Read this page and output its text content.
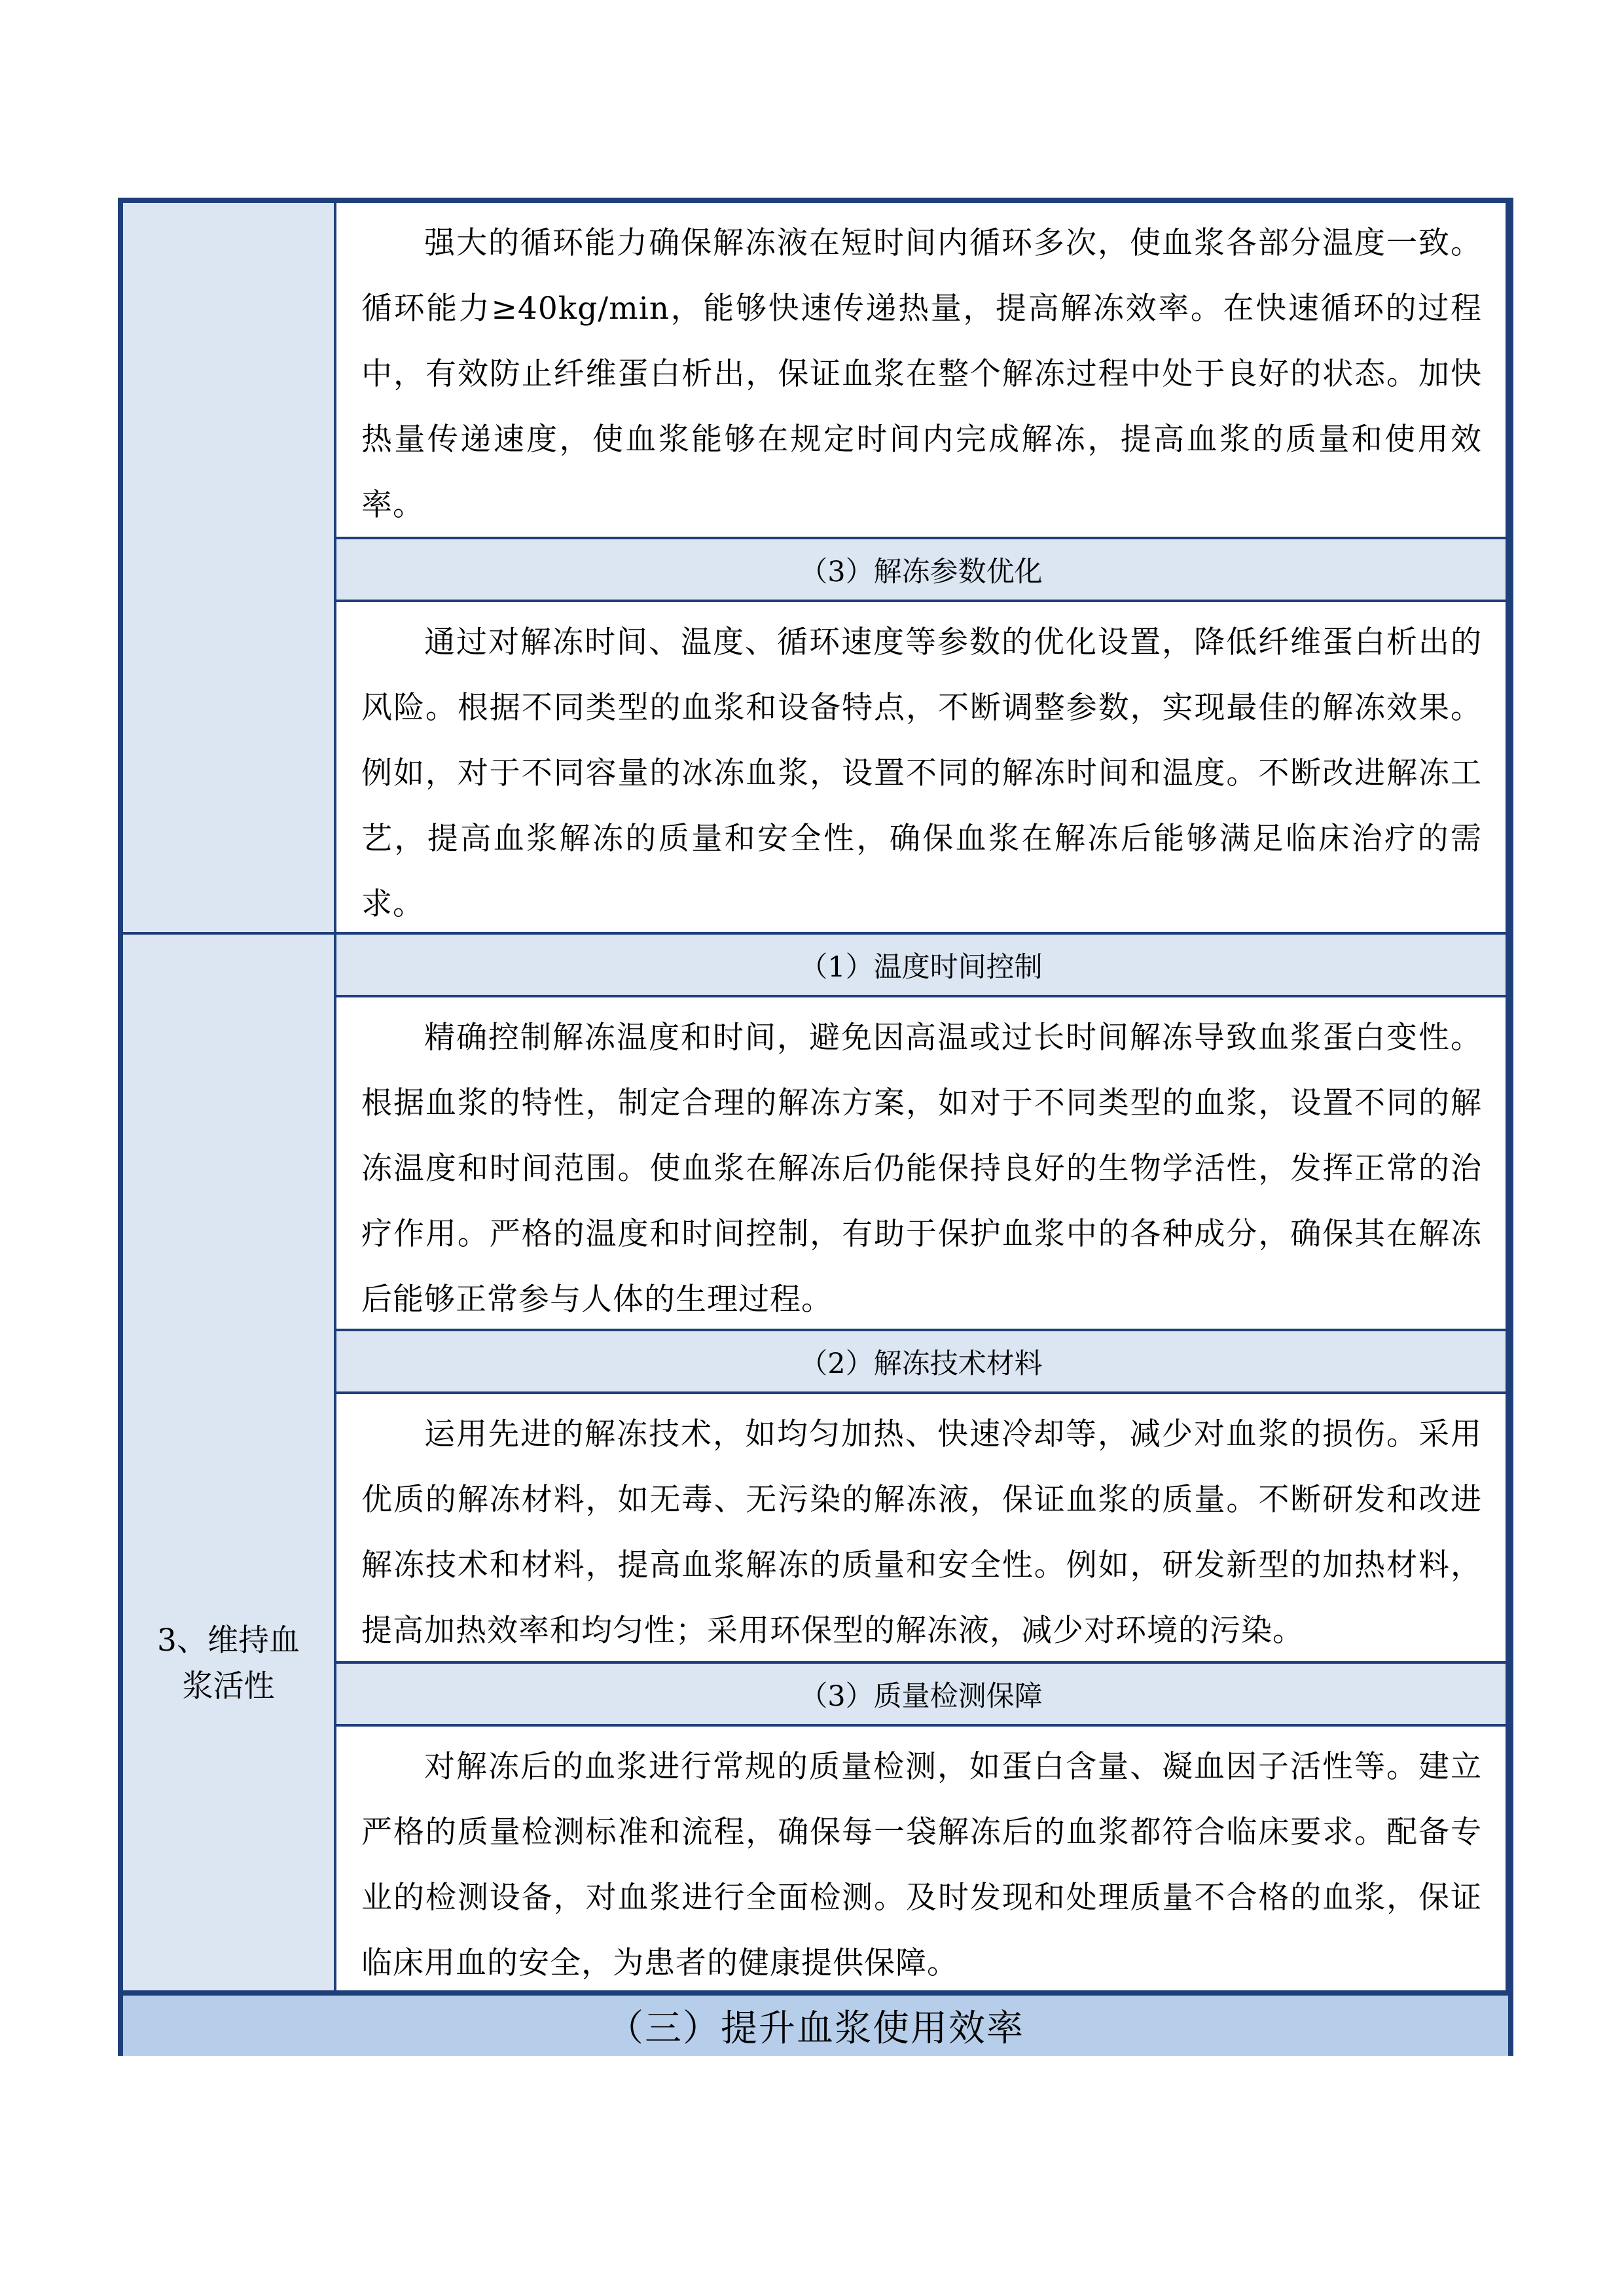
3、维持血
浆活性

强大的循环能力确保解冻液在短时间内循环多次，使血浆各部分温度一致。循环能力≥40kg/min，能够快速传递热量，提高解冻效率。在快速循环的过程中，有效防止纤维蛋白析出，保证血浆在整个解冻过程中处于良好的状态。加快热量传递速度，使血浆能够在规定时间内完成解冻，提高血浆的质量和使用效率。

（3）解冻参数优化

通过对解冻时间、温度、循环速度等参数的优化设置，降低纤维蛋白析出的风险。根据不同类型的血浆和设备特点，不断调整参数，实现最佳的解冻效果。例如，对于不同容量的冰冻血浆，设置不同的解冻时间和温度。不断改进解冻工艺，提高血浆解冻的质量和安全性，确保血浆在解冻后能够满足临床治疗的需求。

（1）温度时间控制

精确控制解冻温度和时间，避免因高温或过长时间解冻导致血浆蛋白变性。根据血浆的特性，制定合理的解冻方案，如对于不同类型的血浆，设置不同的解冻温度和时间范围。使血浆在解冻后仍能保持良好的生物学活性，发挥正常的治疗作用。严格的温度和时间控制，有助于保护血浆中的各种成分，确保其在解冻后能够正常参与人体的生理过程。

（2）解冻技术材料

运用先进的解冻技术，如均匀加热、快速冷却等，减少对血浆的损伤。采用优质的解冻材料，如无毒、无污染的解冻液，保证血浆的质量。不断研发和改进解冻技术和材料，提高血浆解冻的质量和安全性。例如，研发新型的加热材料，提高加热效率和均匀性；采用环保型的解冻液，减少对环境的污染。

（3）质量检测保障

对解冻后的血浆进行常规的质量检测，如蛋白含量、凝血因子活性等。建立严格的质量检测标准和流程，确保每一袋解冻后的血浆都符合临床要求。配备专业的检测设备，对血浆进行全面检测。及时发现和处理质量不合格的血浆，保证临床用血的安全，为患者的健康提供保障。

（三）提升血浆使用效率
